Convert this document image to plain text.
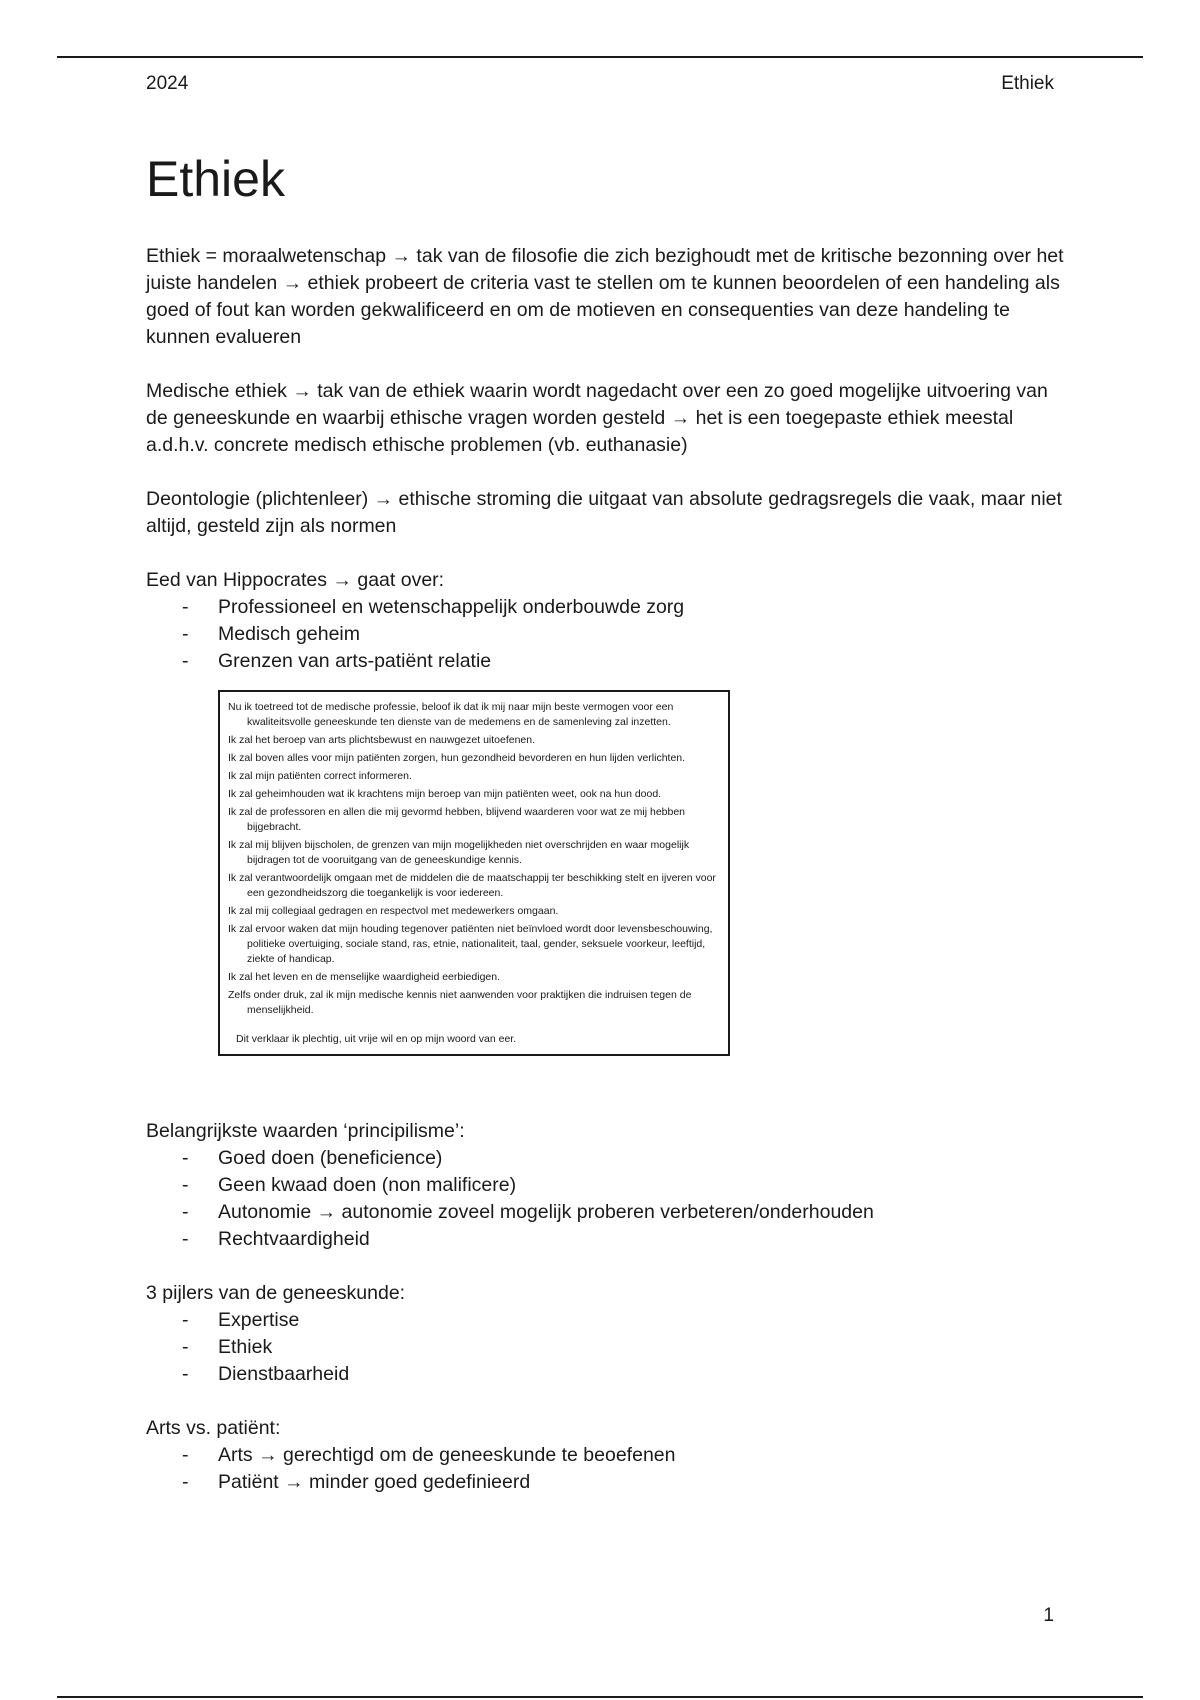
2024	Ethiek
Ethiek

Ethiek = moraalwetenschap → tak van de filosofie die zich bezighoudt met de kritische bezonning over het juiste handelen → ethiek probeert de criteria vast te stellen om te kunnen beoordelen of een handeling als goed of fout kan worden gekwalificeerd en om de motieven en consequenties van deze handeling te kunnen evalueren

Medische ethiek → tak van de ethiek waarin wordt nagedacht over een zo goed mogelijke uitvoering van de geneeskunde en waarbij ethische vragen worden gesteld → het is een toegepaste ethiek meestal a.d.h.v. concrete medisch ethische problemen (vb. euthanasie)

Deontologie (plichtenleer) → ethische stroming die uitgaat van absolute gedragsregels die vaak, maar niet altijd, gesteld zijn als normen

Eed van Hippocrates → gaat over:

- Professioneel en wetenschappelijk onderbouwde zorg
- Medisch geheim
- Grenzen van arts-patiënt relatie

Nu ik toetreed tot de medische professie, beloof ik dat ik mij naar mijn beste vermogen voor een kwaliteitsvolle geneeskunde ten dienste van de medemens en de samenleving zal inzetten.

Ik zal het beroep van arts plichtsbewust en nauwgezet uitoefenen.

Ik zal boven alles voor mijn patiënten zorgen, hun gezondheid bevorderen en hun lijden verlichten.

Ik zal mijn patiënten correct informeren.

Ik zal geheimhouden wat ik krachtens mijn beroep van mijn patiënten weet, ook na hun dood.

Ik zal de professoren en allen die mij gevormd hebben, blijvend waarderen voor wat ze mij hebben bijgebracht.

Ik zal mij blijven bijscholen, de grenzen van mijn mogelijkheden niet overschrijden en waar mogelijk bijdragen tot de vooruitgang van de geneeskundige kennis.

Ik zal verantwoordelijk omgaan met de middelen die de maatschappij ter beschikking stelt en ijveren voor een gezondheidszorg die toegankelijk is voor iedereen.

Ik zal mij collegiaal gedragen en respectvol met medewerkers omgaan.

Ik zal ervoor waken dat mijn houding tegenover patiënten niet beïnvloed wordt door levensbeschouwing, politieke overtuiging, sociale stand, ras, etnie, nationaliteit, taal, gender, seksuele voorkeur, leeftijd, ziekte of handicap.

Ik zal het leven en de menselijke waardigheid eerbiedigen.

Zelfs onder druk, zal ik mijn medische kennis niet aanwenden voor praktijken die indruisen tegen de menselijkheid.

Dit verklaar ik plechtig, uit vrije wil en op mijn woord van eer.

Belangrijkste waarden ‘principilisme’:

- Goed doen (beneficience)
- Geen kwaad doen (non malificere)
- Autonomie → autonomie zoveel mogelijk proberen verbeteren/onderhouden
- Rechtvaardigheid

3 pijlers van de geneeskunde:

- Expertise
- Ethiek
- Dienstbaarheid

Arts vs. patiënt:

- Arts → gerechtigd om de geneeskunde te beoefenen
- Patiënt → minder goed gedefinieerd
1
